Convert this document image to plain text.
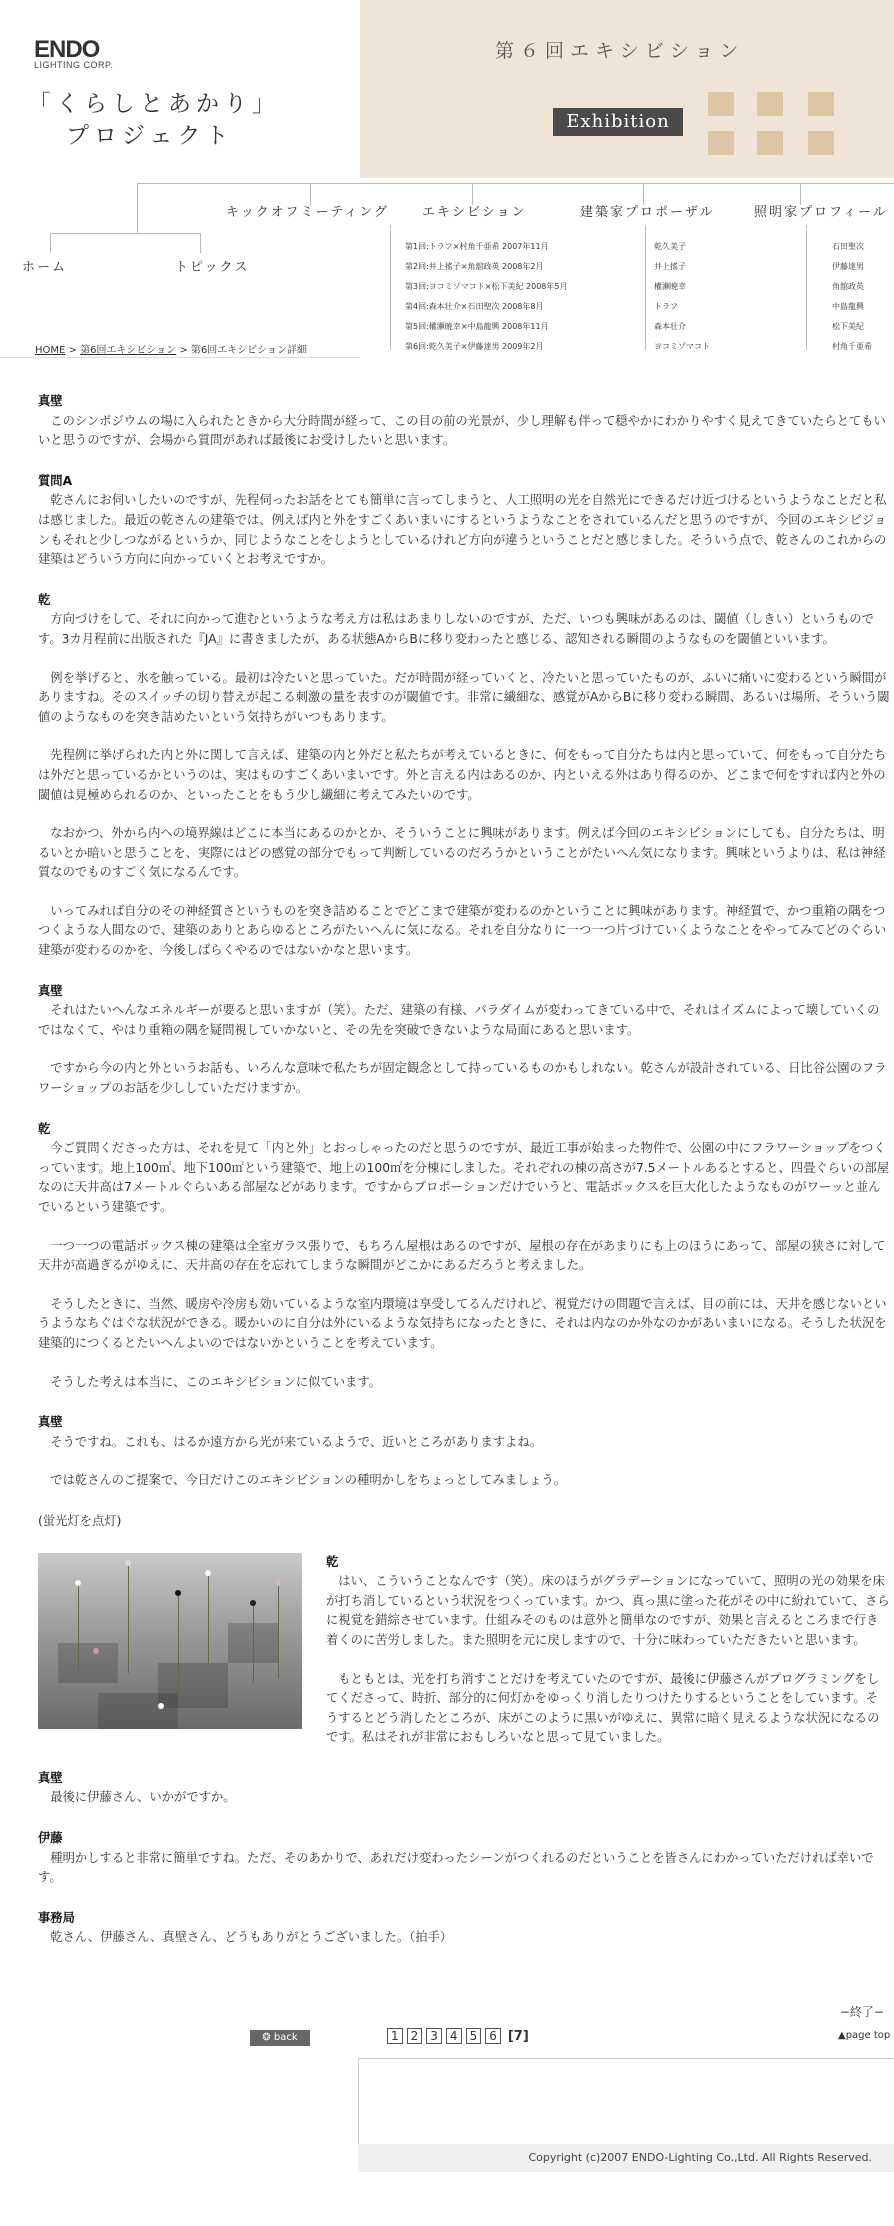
ENDO
LIGHTING CORP.
「くらしとあかり」
プロジェクト
第６回エキシビション
Exhibition
ホーム	トピックス
キックオフミーティング	エキシビション	建築家プロポーザル	照明家プロフィール
第1回:トラフ×村角千亜希 2007年11月
第2回:井上搖子×角舘政英 2008年2月
第3回:ヨコミゾマコト×松下美紀 2008年5月
第4回:森本壮介×石田聖次 2008年8月
第5回:權瀬暁幸×中島龍興 2008年11月
第6回:乾久美子×伊藤達男 2009年2月
乾久美子
井上搖子
權瀬暁幸
トラフ
森本壮介
ヨコミゾマコト
石田聖次
伊藤達男
角舘政英
中島龍興
松下美紀
村角千亜希
HOME > 第6回エキシビション > 第6回エキシビション詳細
真壁

このシンポジウムの場に入られたときから大分時間が経って、この目の前の光景が、少し理解も伴って穏やかにわかりやすく見えてきていたらとてもいいと思うのですが、会場から質問があれば最後にお受けしたいと思います。

質問A

乾さんにお伺いしたいのですが、先程伺ったお話をとても簡単に言ってしまうと、人工照明の光を自然光にできるだけ近づけるというようなことだと私は感じました。最近の乾さんの建築では、例えば内と外をすごくあいまいにするというようなことをされているんだと思うのですが、今回のエキシビジョンもそれと少しつながるというか、同じようなことをしようとしているけれど方向が違うということだと感じました。そういう点で、乾さんのこれからの建築はどういう方向に向かっていくとお考えですか。

乾

方向づけをして、それに向かって進むというような考え方は私はあまりしないのですが、ただ、いつも興味があるのは、閾値（しきい）というものです。3カ月程前に出版された『JA』に書きましたが、ある状態AからBに移り変わったと感じる、認知される瞬間のようなものを閾値といいます。

例を挙げると、氷を触っている。最初は冷たいと思っていた。だが時間が経っていくと、冷たいと思っていたものが、ふいに痛いに変わるという瞬間がありますね。そのスイッチの切り替えが起こる刺激の量を表すのが閾値です。非常に繊細な、感覚がAからBに移り変わる瞬間、あるいは場所、そういう閾値のようなものを突き詰めたいという気持ちがいつもあります。

先程例に挙げられた内と外に関して言えば、建築の内と外だと私たちが考えているときに、何をもって自分たちは内と思っていて、何をもって自分たちは外だと思っているかというのは、実はものすごくあいまいです。外と言える内はあるのか、内といえる外はあり得るのか、どこまで何をすれば内と外の閾値は見極められるのか、といったことをもう少し繊細に考えてみたいのです。

なおかつ、外から内への境界線はどこに本当にあるのかとか、そういうことに興味があります。例えば今回のエキシビションにしても、自分たちは、明るいとか暗いと思うことを、実際にはどの感覚の部分でもって判断しているのだろうかということがたいへん気になります。興味というよりは、私は神経質なのでものすごく気になるんです。

いってみれば自分のその神経質さというものを突き詰めることでどこまで建築が変わるのかということに興味があります。神経質で、かつ重箱の隅をつつくような人間なので、建築のありとあらゆるところがたいへんに気になる。それを自分なりに一つ一つ片づけていくようなことをやってみてどのぐらい建築が変わるのかを、今後しばらくやるのではないかなと思います。

真壁

それはたいへんなエネルギーが要ると思いますが（笑）。ただ、建築の有様、パラダイムが変わってきている中で、それはイズムによって壊していくのではなくて、やはり重箱の隅を疑問視していかないと、その先を突破できないような局面にあると思います。

ですから今の内と外というお話も、いろんな意味で私たちが固定観念として持っているものかもしれない。乾さんが設計されている、日比谷公園のフラワーショップのお話を少ししていただけますか。

乾

今ご質問くださった方は、それを見て「内と外」とおっしゃったのだと思うのですが、最近工事が始まった物件で、公園の中にフラワーショップをつくっています。地上100㎡、地下100㎡という建築で、地上の100㎡を分棟にしました。それぞれの棟の高さが7.5メートルあるとすると、四畳ぐらいの部屋なのに天井高は7メートルぐらいある部屋などがあります。ですからプロポーションだけでいうと、電話ボックスを巨大化したようなものがワーッと並んでいるという建築です。

一つ一つの電話ボックス棟の建築は全室ガラス張りで、もちろん屋根はあるのですが、屋根の存在があまりにも上のほうにあって、部屋の狭さに対して天井が高過ぎるがゆえに、天井高の存在を忘れてしまうな瞬間がどこかにあるだろうと考えました。

そうしたときに、当然、暖房や冷房も効いているような室内環境は享受してるんだけれど、視覚だけの問題で言えば、目の前には、天井を感じないというようなちぐはぐな状況ができる。暖かいのに自分は外にいるような気持ちになったときに、それは内なのか外なのかがあいまいになる。そうした状況を建築的につくるとたいへんよいのではないかということを考えています。

そうした考えは本当に、このエキシビションに似ています。

真壁

そうですね。これも、はるか遠方から光が来ているようで、近いところがありますよね。

では乾さんのご提案で、今日だけこのエキシビションの種明かしをちょっとしてみましょう。

(蛍光灯を点灯)
乾

はい、こういうことなんです（笑）。床のほうがグラデーションになっていて、照明の光の効果を床が打ち消しているという状況をつくっています。かつ、真っ黒に塗った花がその中に紛れていて、さらに視覚を錯綜させています。仕組みそのものは意外と簡単なのですが、効果と言えるところまで行き着くのに苦労しました。また照明を元に戻しますので、十分に味わっていただきたいと思います。

もともとは、光を打ち消すことだけを考えていたのですが、最後に伊藤さんがプログラミングをしてくださって、時折、部分的に何灯かをゆっくり消したりつけたりするということをしています。そうするとどう消したところが、床がこのように黒いがゆえに、異常に暗く見えるような状況になるのです。私はそれが非常におもしろいなと思って見ていました。

真壁

最後に伊藤さん、いかがですか。

伊藤

種明かしすると非常に簡単ですね。ただ、そのあかりで、あれだけ変わったシーンがつくれるのだということを皆さんにわかっていただければ幸いです。

事務局

乾さん、伊藤さん、真壁さん、どうもありがとうございました。（拍手）

−終了−
❂ back	1 2 3 4 5 6 [7]	▲page top
Copyright (c)2007 ENDO-Lighting Co.,Ltd. All Rights Reserved.
